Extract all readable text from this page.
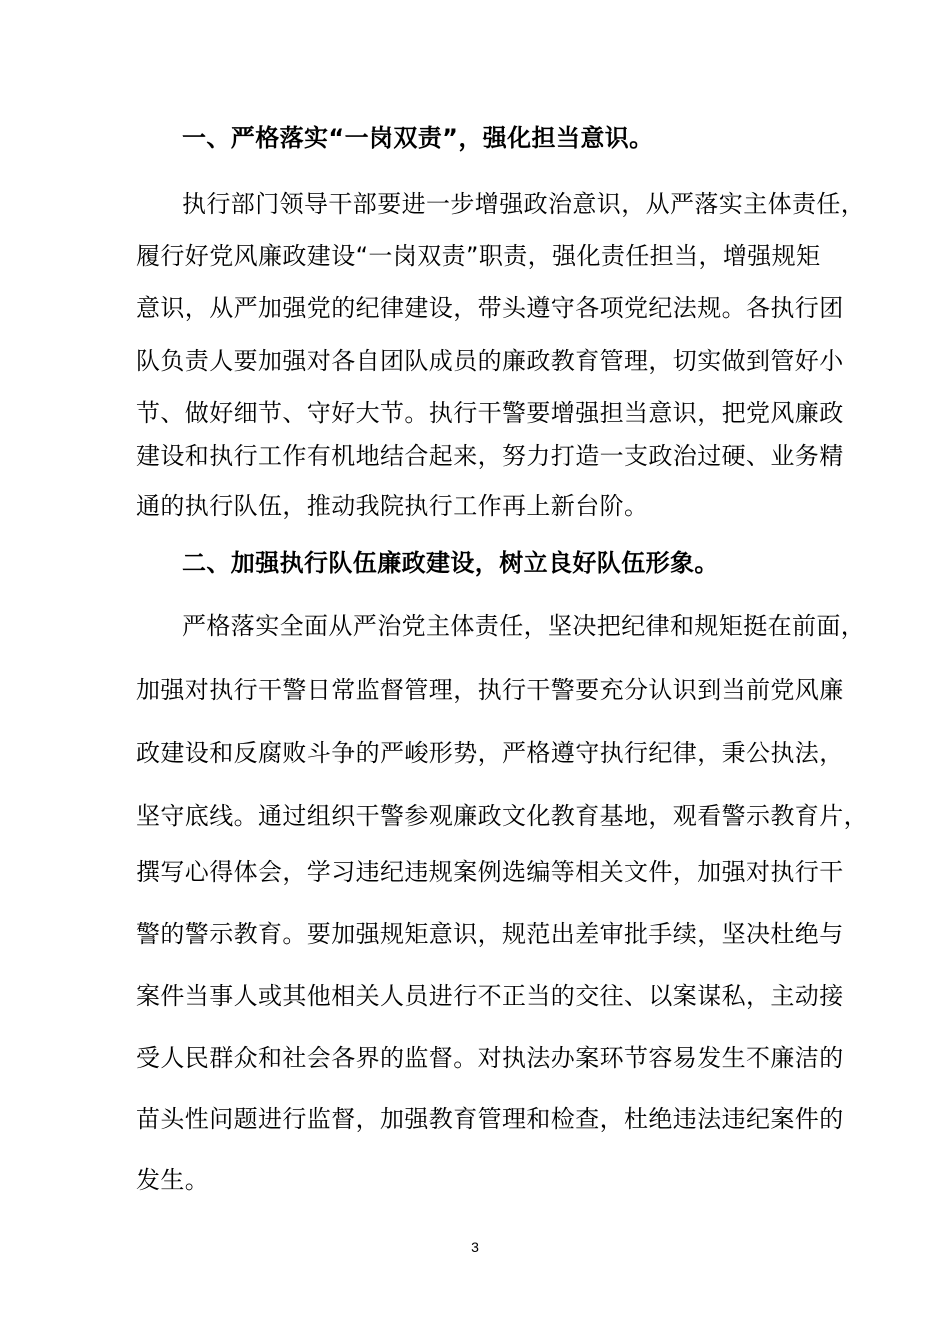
一、严格落实“一岗双责”，强化担当意识。
执行部门领导干部要进一步增强政治意识，从严落实主体责任，
履行好党风廉政建设“一岗双责”职责，强化责任担当，增强规矩
意识，从严加强党的纪律建设，带头遵守各项党纪法规。各执行团
队负责人要加强对各自团队成员的廉政教育管理，切实做到管好小
节、做好细节、守好大节。执行干警要增强担当意识，把党风廉政
建设和执行工作有机地结合起来，努力打造一支政治过硬、业务精
通的执行队伍，推动我院执行工作再上新台阶。
二、加强执行队伍廉政建设，树立良好队伍形象。
严格落实全面从严治党主体责任，坚决把纪律和规矩挺在前面，
加强对执行干警日常监督管理，执行干警要充分认识到当前党风廉
政建设和反腐败斗争的严峻形势，严格遵守执行纪律，秉公执法，
坚守底线。通过组织干警参观廉政文化教育基地，观看警示教育片，
撰写心得体会，学习违纪违规案例选编等相关文件，加强对执行干
警的警示教育。要加强规矩意识，规范出差审批手续，坚决杜绝与
案件当事人或其他相关人员进行不正当的交往、以案谋私，主动接
受人民群众和社会各界的监督。对执法办案环节容易发生不廉洁的
苗头性问题进行监督，加强教育管理和检查，杜绝违法违纪案件的
发生。
3
